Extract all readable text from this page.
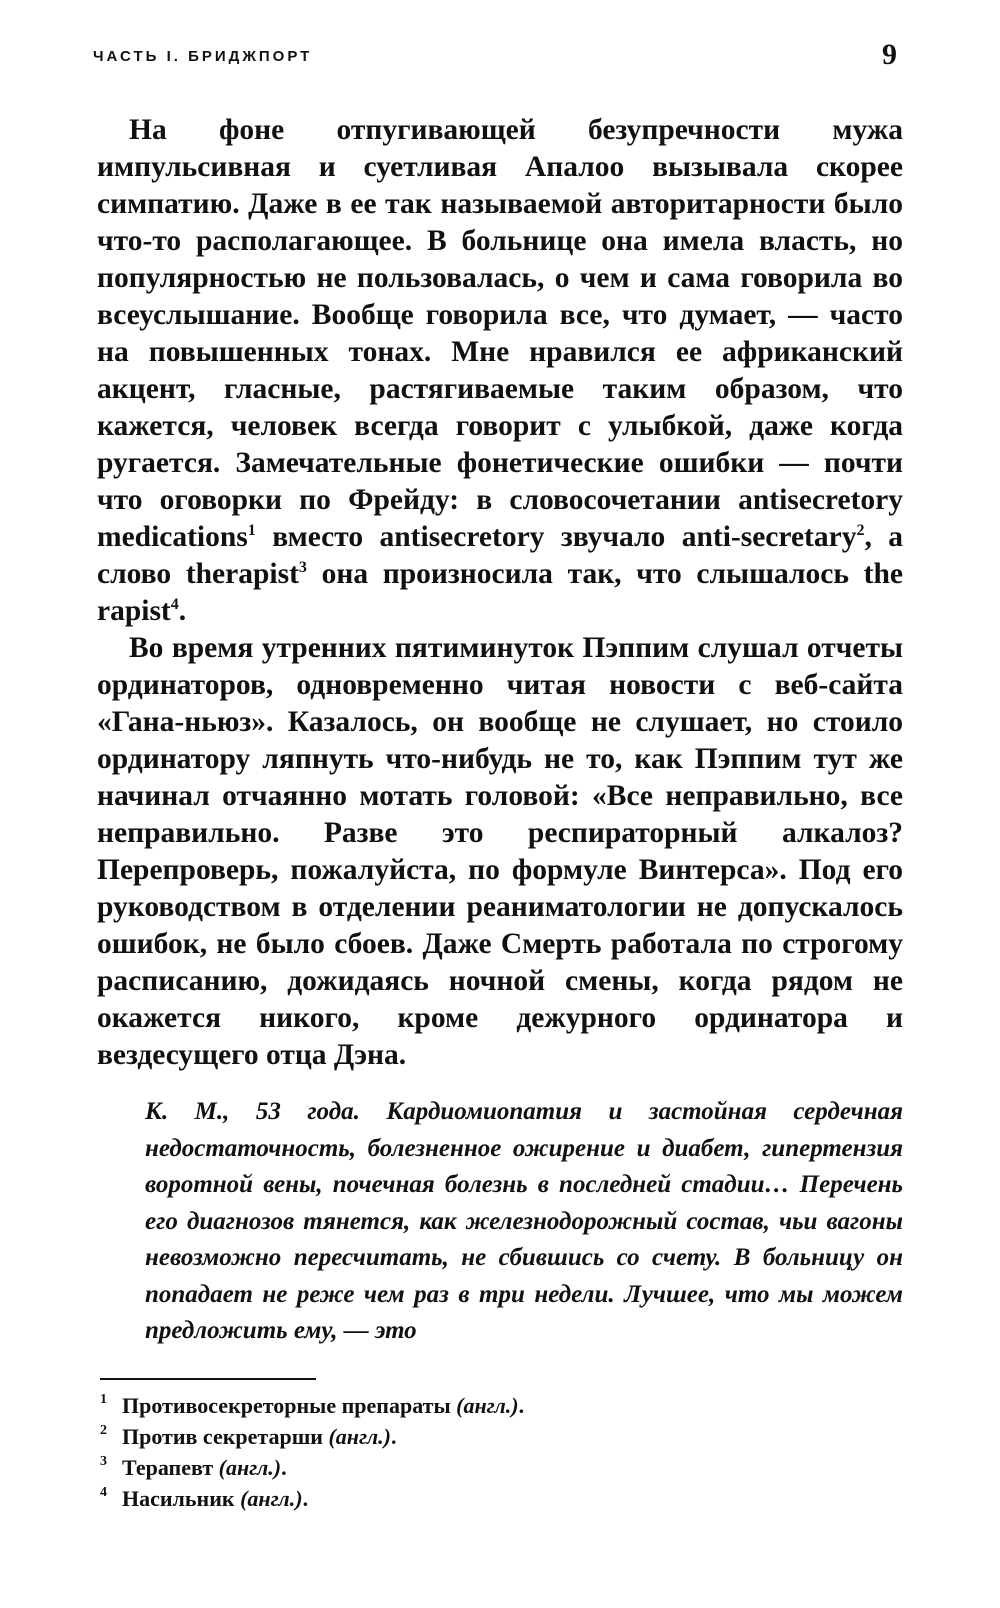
ЧАСТЬ I. БРИДЖПОРТ	9

На фоне отпугивающей безупречности мужа импульсивная и суетливая Апалоо вызывала скорее симпатию. Даже в ее так называемой авторитарности было что-то располагающее. В больнице она имела власть, но популярностью не пользовалась, о чем и сама говорила во всеуслышание. Вообще говорила все, что думает, — часто на повышенных тонах. Мне нравился ее африканский акцент, гласные, растягиваемые таким образом, что кажется, человек всегда говорит с улыбкой, даже когда ругается. Замечательные фонетические ошибки — почти что оговорки по Фрейду: в словосочетании antisecretory medications$^1$ вместо antisecretory звучало anti-secretary$^2$, а слово therapist$^3$ она произносила так, что слышалось the rapist$^4$.

Во время утренних пятиминуток Пэппим слушал отчеты ординаторов, одновременно читая новости с веб-сайта «Гана-ньюз». Казалось, он вообще не слушает, но стоило ординатору ляпнуть что-нибудь не то, как Пэппим тут же начинал отчаянно мотать головой: «Все неправильно, все неправильно. Разве это респираторный алкалоз? Перепроверь, пожалуйста, по формуле Винтерса». Под его руководством в отделении реаниматологии не допускалось ошибок, не было сбоев. Даже Смерть работала по строгому расписанию, дожидаясь ночной смены, когда рядом не окажется никого, кроме дежурного ординатора и вездесущего отца Дэна.

К. М., 53 года. Кардиомиопатия и застойная сердечная недостаточность, болезненное ожирение и диабет, гипертензия воротной вены, почечная болезнь в последней стадии… Перечень его диагнозов тянется, как железнодорожный состав, чьи вагоны невозможно пересчитать, не сбившись со счету. В больницу он попадает не реже чем раз в три недели. Лучшее, что мы можем предложить ему, — это

1 Противосекреторные препараты (англ.).
2 Против секретарши (англ.).
3 Терапевт (англ.).
4 Насильник (англ.).
